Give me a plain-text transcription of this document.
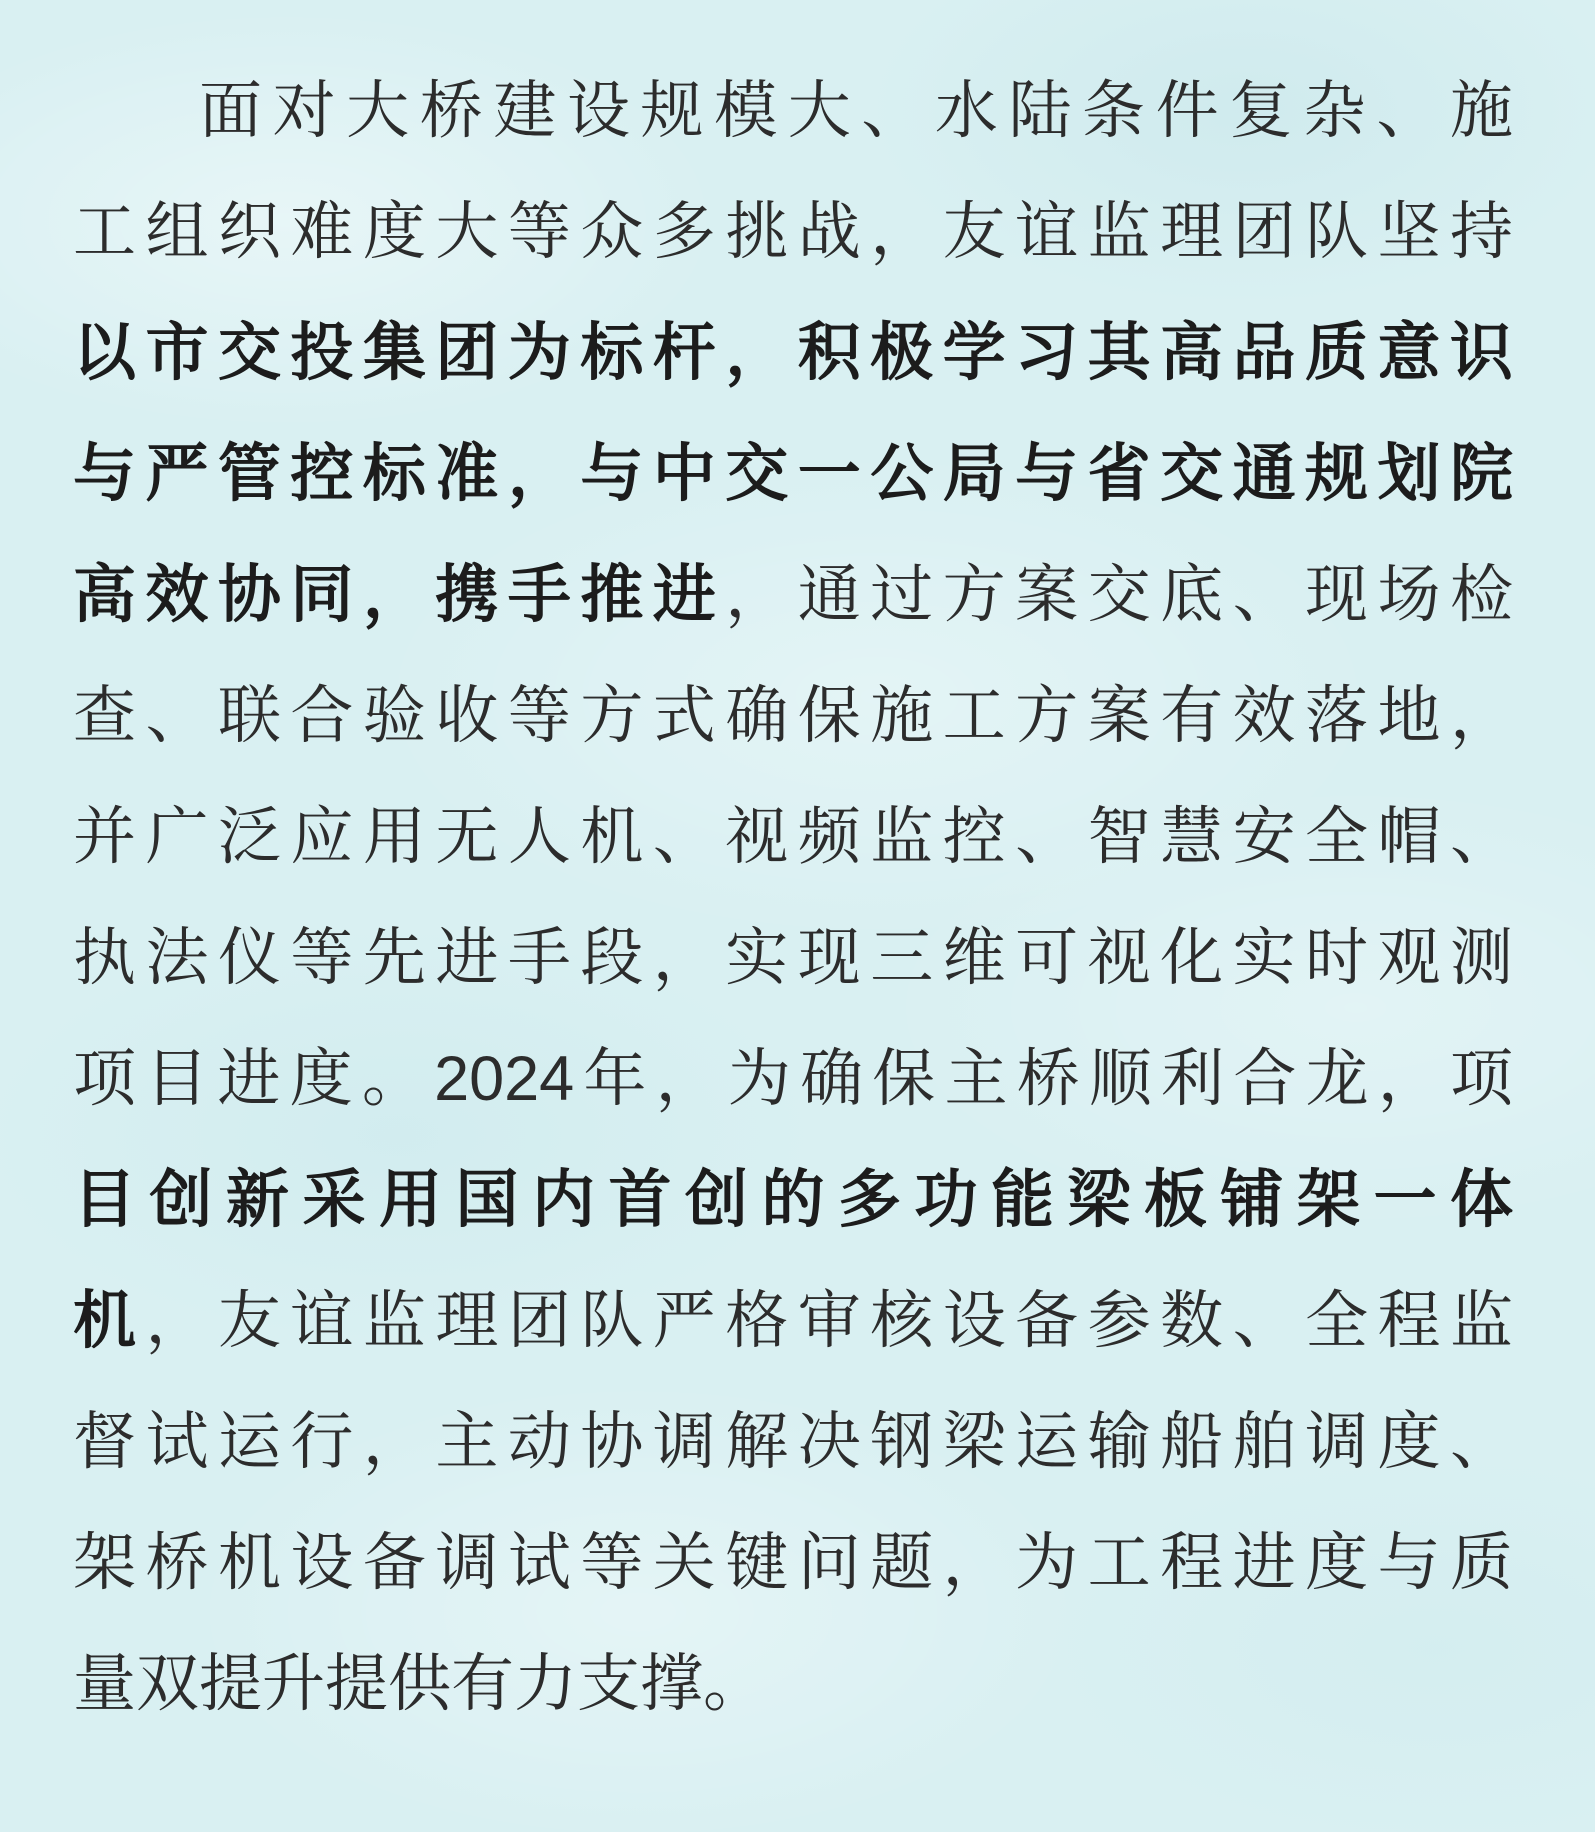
面对大桥建设规模大、水陆条件复杂、施
工组织难度大等众多挑战，友谊监理团队坚持
以市交投集团为标杆，积极学习其高品质意识
与严管控标准，与中交一公局与省交通规划院
高效协同，携手推进，通过方案交底、现场检
查、联合验收等方式确保施工方案有效落地，
并广泛应用无人机、视频监控、智慧安全帽、
执法仪等先进手段，实现三维可视化实时观测
项目进度。2024年，为确保主桥顺利合龙，项
目创新采用国内首创的多功能梁板铺架一体
机，友谊监理团队严格审核设备参数、全程监
督试运行，主动协调解决钢梁运输船舶调度、
架桥机设备调试等关键问题，为工程进度与质
量双提升提供有力支撑。
